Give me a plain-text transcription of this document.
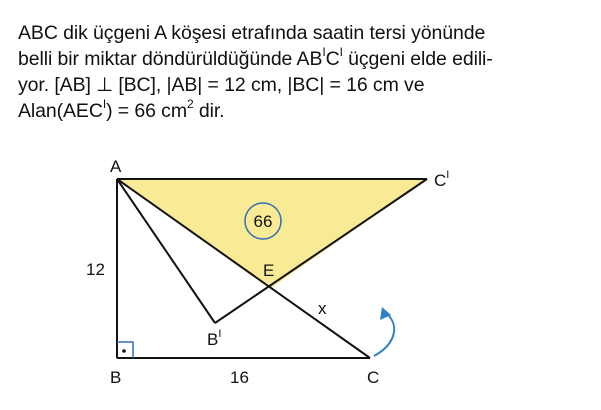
ABC dik üçgeni A köşesi etrafında saatin tersi yönünde
belli bir miktar döndürüldüğünde $AB^IC^I$ üçgeni elde edili-
yor. [AB] ⊥ [BC], |AB| = 12 cm, |BC| = 16 cm ve
$Alan(AEC^I) = 66$ $cm^2$ dir.
66
A
B	C
E
$B^I$
$C^I$
12
16
x
